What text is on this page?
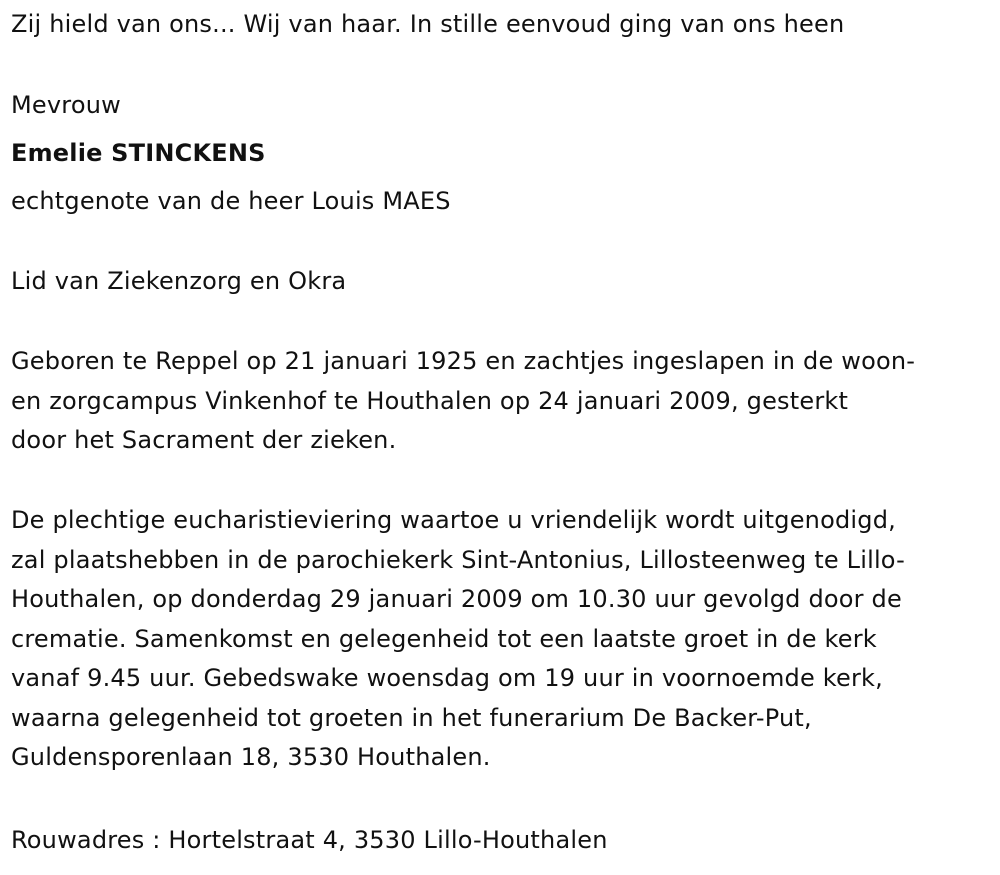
Zij hield van ons... Wij van haar. In stille eenvoud ging van ons heen
Mevrouw
Emelie STINCKENS
echtgenote van de heer Louis MAES
Lid van Ziekenzorg en Okra
Geboren te Reppel op 21 januari 1925 en zachtjes ingeslapen in de woon-
en zorgcampus Vinkenhof te Houthalen op 24 januari 2009, gesterkt
door het Sacrament der zieken.
De plechtige eucharistieviering waartoe u vriendelijk wordt uitgenodigd,
zal plaatshebben in de parochiekerk Sint-Antonius, Lillosteenweg te Lillo-
Houthalen, op donderdag 29 januari 2009 om 10.30 uur gevolgd door de
crematie. Samenkomst en gelegenheid tot een laatste groet in de kerk
vanaf 9.45 uur. Gebedswake woensdag om 19 uur in voornoemde kerk,
waarna gelegenheid tot groeten in het funerarium De Backer-Put,
Guldensporenlaan 18, 3530 Houthalen.
Rouwadres : Hortelstraat 4, 3530 Lillo-Houthalen
